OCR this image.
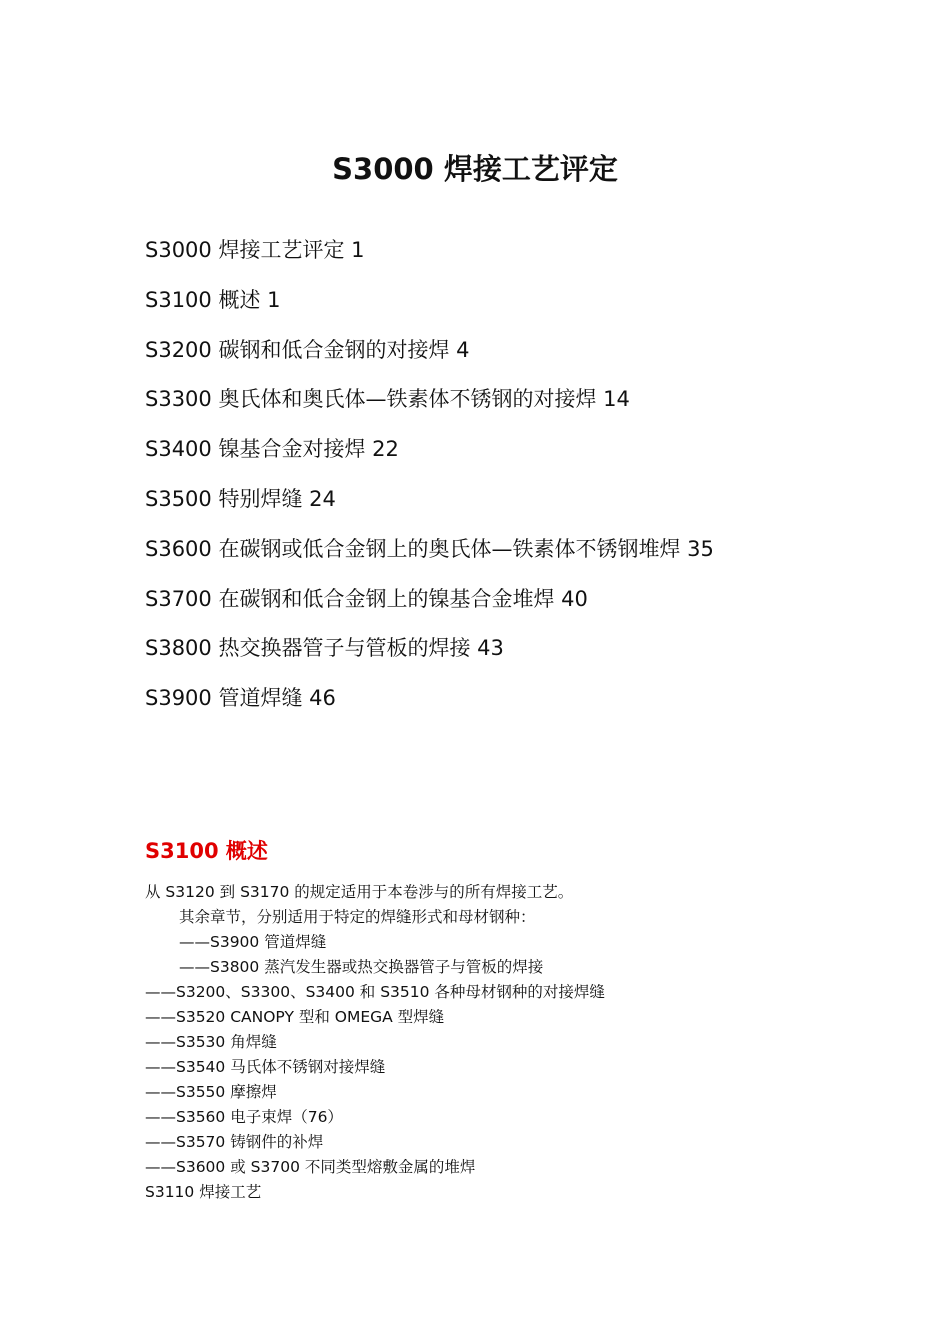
S3000 焊接工艺评定
S3000 焊接工艺评定 1
S3100 概述 1
S3200 碳钢和低合金钢的对接焊 4
S3300 奥氏体和奥氏体—铁素体不锈钢的对接焊 14
S3400 镍基合金对接焊 22
S3500 特别焊缝 24
S3600 在碳钢或低合金钢上的奥氏体—铁素体不锈钢堆焊 35
S3700 在碳钢和低合金钢上的镍基合金堆焊 40
S3800 热交换器管子与管板的焊接 43
S3900 管道焊缝 46
S3100 概述
从 S3120 到 S3170 的规定适用于本卷涉与的所有焊接工艺。
其余章节，分别适用于特定的焊缝形式和母材钢种：
——S3900 管道焊缝
——S3800 蒸汽发生器或热交换器管子与管板的焊接
——S3200、S3300、S3400 和 S3510 各种母材钢种的对接焊缝
——S3520 CANOPY 型和 OMEGA 型焊缝
——S3530 角焊缝
——S3540 马氏体不锈钢对接焊缝
——S3550 摩擦焊
——S3560 电子束焊（76）
——S3570 铸钢件的补焊
——S3600 或 S3700 不同类型熔敷金属的堆焊
S3110 焊接工艺
